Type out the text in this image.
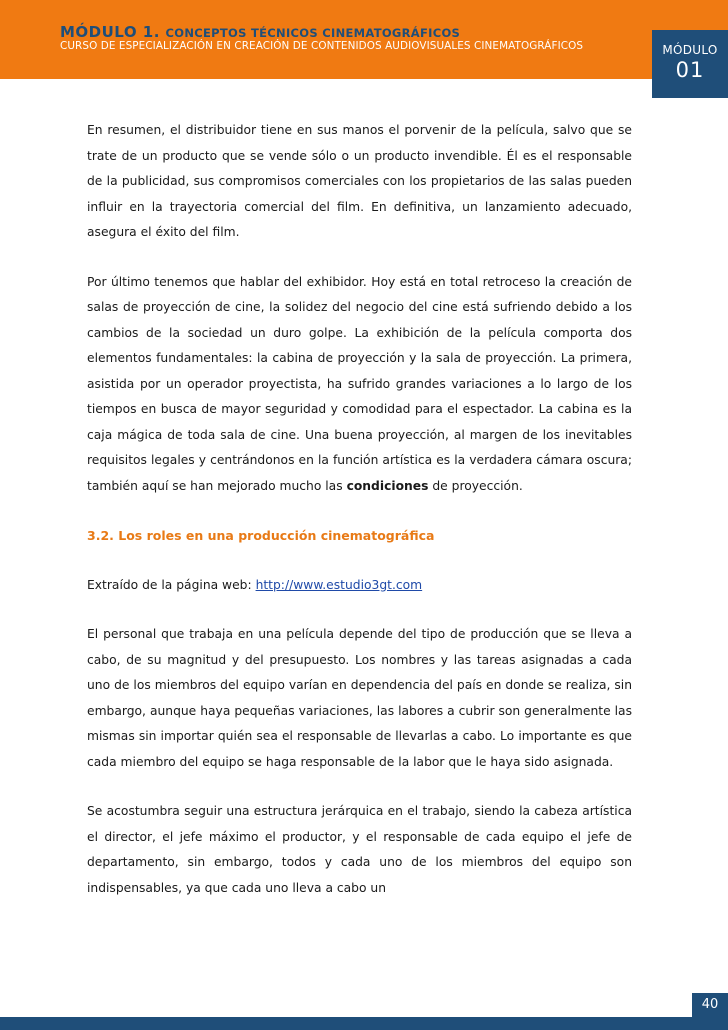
MÓDULO 1. CONCEPTOS TÉCNICOS CINEMATOGRÁFICOS
CURSO DE ESPECIALIZACIÓN EN CREACIÓN DE CONTENIDOS AUDIOVISUALES CINEMATOGRÁFICOS	MÓDULO
01

En resumen, el distribuidor tiene en sus manos el porvenir de la película, salvo que se trate de un producto que se vende sólo o un producto invendible. Él es el responsable de la publicidad, sus compromisos comerciales con los propietarios de las salas pueden influir en la trayectoria comercial del film. En definitiva, un lanzamiento adecuado, asegura el éxito del film.

Por último tenemos que hablar del exhibidor. Hoy está en total retroceso la creación de salas de proyección de cine, la solidez del negocio del cine está sufriendo debido a los cambios de la sociedad un duro golpe. La exhibición de la película comporta dos elementos fundamentales: la cabina de proyección y la sala de proyección. La primera, asistida por un operador proyectista, ha sufrido grandes variaciones a lo largo de los tiempos en busca de mayor seguridad y comodidad para el espectador. La cabina es la caja mágica de toda sala de cine. Una buena proyección, al margen de los inevitables requisitos legales y centrándonos en la función artística es la verdadera cámara oscura; también aquí se han mejorado mucho las condiciones de proyección.

3.2. Los roles en una producción cinematográfica

Extraído de la página web: http://www.estudio3gt.com

El personal que trabaja en una película depende del tipo de producción que se lleva a cabo, de su magnitud y del presupuesto. Los nombres y las tareas asignadas a cada uno de los miembros del equipo varían en dependencia del país en donde se realiza, sin embargo, aunque haya pequeñas variaciones, las labores a cubrir son generalmente las mismas sin importar quién sea el responsable de llevarlas a cabo. Lo importante es que cada miembro del equipo se haga responsable de la labor que le haya sido asignada.

Se acostumbra seguir una estructura jerárquica en el trabajo, siendo la cabeza artística el director, el jefe máximo el productor, y el responsable de cada equipo el jefe de departamento, sin embargo, todos y cada uno de los miembros del equipo son indispensables, ya que cada uno lleva a cabo un

40
